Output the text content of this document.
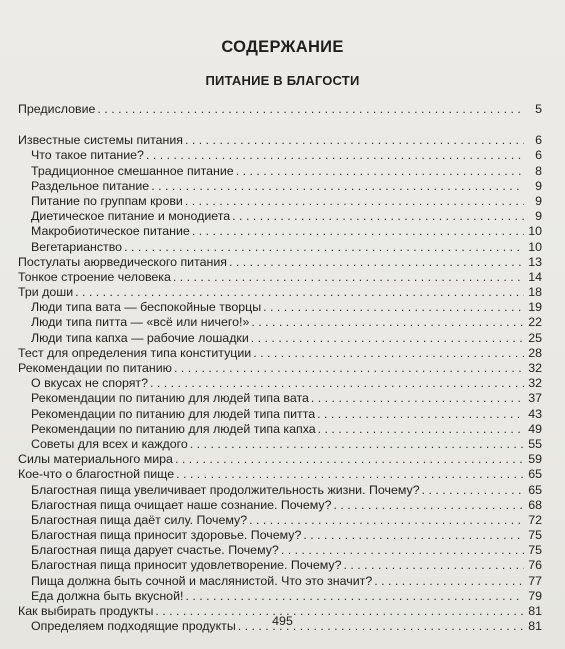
СОДЕРЖАНИЕ
ПИТАНИЕ В БЛАГОСТИ
Предисловие . . .	5
Известные системы питания . . .	6
Что такое питание? . . .	6
Традиционное смешанное питание . . .	8
Раздельное питание . . .	9
Питание по группам крови . . .	9
Диетическое питание и монодиета . . .	9
Макробиотическое питание . . .	10
Вегетарианство . . .	10
Постулаты аюрведического питания . . .	13
Тонкое строение человека . . .	14
Три доши . . .	18
Люди типа вата — беспокойные творцы . . .	19
Люди типа питта — «всё или ничего!» . . .	22
Люди типа капха — рабочие лошадки . . .	25
Тест для определения типа конституции . . .	28
Рекомендации по питанию . . .	32
О вкусах не спорят? . . .	32
Рекомендации по питанию для людей типа вата . . .	37
Рекомендации по питанию для людей типа питта . . .	43
Рекомендации по питанию для людей типа капха . . .	49
Советы для всех и каждого . . .	55
Силы материального мира . . .	59
Кое-что о благостной пище . . .	65
Благостная пища увеличивает продолжительность жизни. Почему? . . .	65
Благостная пища очищает наше сознание. Почему? . . .	68
Благостная пища даёт силу. Почему? . . .	72
Благостная пища приносит здоровье. Почему? . . .	75
Благостная пища дарует счастье. Почему? . . .	75
Благостная пища приносит удовлетворение. Почему? . . .	76
Пища должна быть сочной и маслянистой. Что это значит? . . .	77
Еда должна быть вкусной! . . .	79
Как выбирать продукты . . .	81
Определяем подходящие продукты . . .	81
495
